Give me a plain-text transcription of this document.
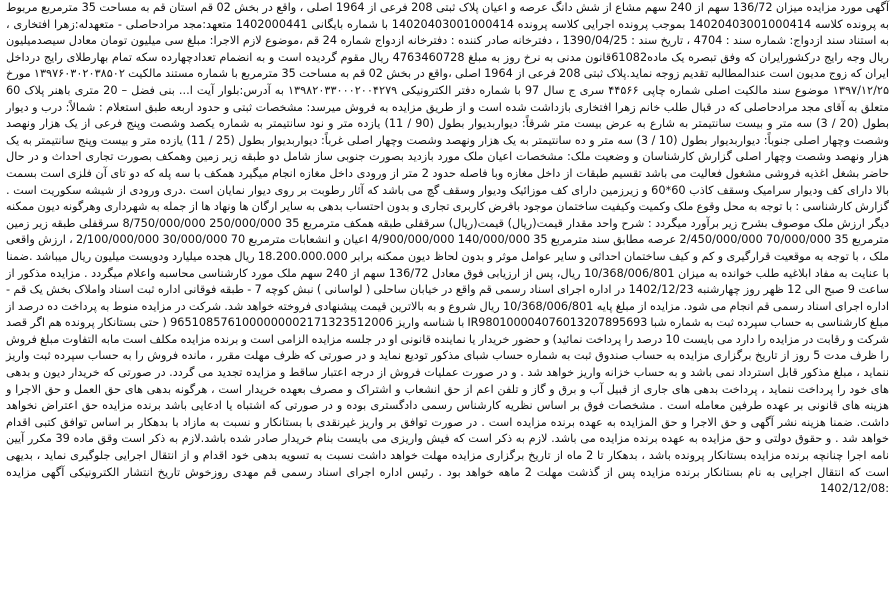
آگهی مورد مزایده میزان 136/72 سهم از 240 سهم مشاع از شش دانگ عرصه و اعیان پلاک ثبتی 208 فرعی از 1964 اصلی ، واقع در بخش 02 قم استان قم به مساحت 35 مترمربع مربوط به پرونده کلاسه 14020403001000414 بموجب پرونده اجرایی کلاسه پرونده 14020403001000414 با شماره بایگانی 1402000441 متعهد:مجد مرادحاصلی - متعهدله:زهرا افتخاری ، به استناد سند ازدواج: شماره سند : 4704 ، تاریخ سند : 1390/04/25 ، دفترخانه صادر کننده : دفترخانه ازدواج شماره 24 قم ،موضوع لازم الاجرا: مبلغ سی میلیون تومان معادل سیصدمیلیون ریال وجه رایج درکشورایران که وفق تبصره یک ماده61082قانون مدنی به نرخ روز به مبلغ 4763460728 ریال مقوم گردیده است و به انضمام تعدادچهارده سکه تمام بهارطلای رایج درداخل ایران که زوج مدیون است عندالمطالبه تقدیم زوجه نماید.پلاک ثبتی 208 فرعی از 1964 اصلی ،واقع در بخش 02 قم به مساحت 35 مترمربع با شماره مستند مالکیت ۱۳۹۷۶۰۳۰۲۰۳۸۵۰۲ مورخ ۱۳۹۷/۱۲/۲۵ موضوع سند مالکیت اصلی شماره چاپی ۴۴۵۶۶ سری ج سال 97 با شماره دفتر الکترونیکی ۱۳۹۸۲۰۳۳۰۰۰۲۰۰۴۲۷۹ به آدرس:بلوار آیت ا... بنی فضل – 20 متری باهنر پلاک 60 متعلق به آقای مجد مرادحاصلی که در قبال طلب خانم زهرا افتخاری بازداشت شده است و از طریق مزایده به فروش میرسد: مشخصات ثبتی و حدود اربعه طبق استعلام : شمالاً: درب و دیوار بطول (20 / 3) سه متر و بیست سانتیمتر به شارع به عرض بیست متر شرقاً: دیواربدیوار بطول (90 / 11) یازده متر و نود سانتیمتر به شماره یکصد وشصت وپنج فرعی از یک هزار ونهصد وشصت وچهار اصلی جنوباً: دیواربدیوار بطول (10 / 3) سه متر و ده سانتیمتر به یک هزار ونهصد وشصت وچهار اصلی غرباً: دیواربدیوار بطول (25 / 11) یازده متر و بیست وپنج سانتیمتر به یک هزار ونهصد وشصت وچهار اصلی گزارش کارشناسان و وضعیت ملک: مشخصات اعیان ملک مورد بازدید بصورت جنوبی ساز شامل دو طبقه زیر زمین وهمکف بصورت تجاری احداث و در حال حاضر بشغل اغذیه فروشی مشغول فعالیت می باشد تقسیم طبقات از داخل مغازه وبا فاصله حدود 2 متر از ورودی داخل مغازه انجام میگیرد همکف با سه پله که دو تای آن فلزی است بسمت بالا دارای کف ودیوار سرامیک وسقف کاذب 60*60 و زیرزمین دارای کف موزائیک ودیوار وسقف گچ می باشد که آثار رطوبت بر روی دیوار نمایان است .دری ورودی از شیشه سکوریت است . گزارش کارشناسی : با توجه به محل وقوع ملک وکمیت وکیفیت ساختمان موجود بافرض کاربری تجاری و بدون احتساب بدهی به سایر ارگان ها ونهاد ها از جمله به شهرداری وهرگونه دیون ممکنه دیگر ارزش ملک موصوف بشرح زیر برآورد میگردد : شرح واحد مقدار قیمت(ریال) قیمت(ریال) سرقفلی طبقه همکف مترمربع 35 250/000/000 8/750/000/000 سرقفلی طبقه زیر زمین مترمربع 35 70/000/000 2/450/000/000 عرصه مطابق سند مترمربع 35 140/000/000 4/900/000/000 اعیان و انشعابات مترمربع 70 30/000/000 2/100/000/000 ، ارزش واقعی ملک ، با توجه به موقعیت قرارگیری و کم و کیف ساختمان احداثی و سایر عوامل موثر و بدون لحاظ دیون ممکنه برابر 18.200.000.000 ریال هجده میلیارد ودویست میلیون ریال میباشد .ضمنا با عنایت به مفاد ابلاغیه طلب خوانده به میزان 10/368/006/801 ریال، پس از ارزیابی فوق معادل 136/72 سهم از 240 سهم ملک مورد کارشناسی محاسبه واعلام میگردد . مزایده مذکور از ساعت 9 صبح الی 12 ظهر روز چهارشنبه 1402/12/23 در اداره اجرای اسناد رسمی قم واقع در خیابان ساحلی ( لواسانی ) نبش کوچه 7 - طبقه فوقانی اداره ثبت اسناد واملاک بخش یک قم - اداره اجرای اسناد رسمی قم انجام می شود. مزایده از مبلغ پایه 10/368/006/801 ریال شروع و به بالاترین قیمت پیشنهادی فروخته خواهد شد. شرکت در مزایده منوط به پرداخت ده درصد از مبلغ کارشناسی به حساب سپرده ثبت به شماره شبا IR980100004076013207895693 با شناسه واریز 9651085761000000002171323512006 ( حتی بستانکار پرونده هم اگر قصد شرکت و رقابت در مزایده را دارد می بایست 10 درصد را پرداخت نمائید) و حضور خریدار یا نماینده قانونی او در جلسه مزایده الزامی است و برنده مزایده مکلف است مابه التفاوت مبلغ فروش را ظرف مدت 5 روز از تاریخ برگزاری مزایده به حساب صندوق ثبت به شماره حساب شبای مذکور تودیع نماید و در صورتی که ظرف مهلت مقرر ، مانده فروش را به حساب سپرده ثبت واریز ننماید ، مبلغ مذکور قابل استرداد نمی باشد و به حساب خزانه واریز خواهد شد . و در صورت عملیات فروش از درجه اعتبار ساقط و مزایده تجدید می گردد. در صورتی که خریدار دیون و بدهی های خود را پرداخت ننماید ، پرداخت بدهی های جاری از قبیل آب و برق و گاز و تلفن اعم از حق انشعاب و اشتراک و مصرف بعهده خریدار است ، هرگونه بدهی های حق العمل و حق الاجرا و هزینه های قانونی بر عهده طرفین معامله است . مشخصات فوق بر اساس نظریه کارشناس رسمی دادگستری بوده و در صورتی که اشتباه یا ادعایی باشد برنده مزایده حق اعتراض نخواهد داشت. ضمنا هزینه نشر آگهی و حق الاجرا و حق المزایده به عهده برنده مزایده است . در صورت توافق بر واریز غیرنقدی با بستانکار و نسبت به مازاد با بدهکار بر اساس توافق کتبی اقدام خواهد شد . و حقوق دولتی و حق مزایده به عهده برنده مزایده می باشد. لازم به ذکر است که فیش واریزی می بایست بنام خریدار صادر شده باشد.لازم به ذکر است وقق ماده 39 مکرر آیین نامه اجرا چنانچه برنده مزایده بستانکار پرونده باشد ، بدهکار تا 2 ماه از تاریخ برگزاری مزایده مهلت خواهد داشت نسبت به تسویه بدهی خود اقدام و از انتقال اجرایی جلوگیری نماید ، بدیهی است که انتقال اجرایی به نام بستانکار برنده مزایده پس از گذشت مهلت 2 ماهه خواهد بود . رئیس اداره اجرای اسناد رسمی قم مهدی روزخوش تاریخ انتشار الکترونیکی آگهی مزایده :1402/12/08
